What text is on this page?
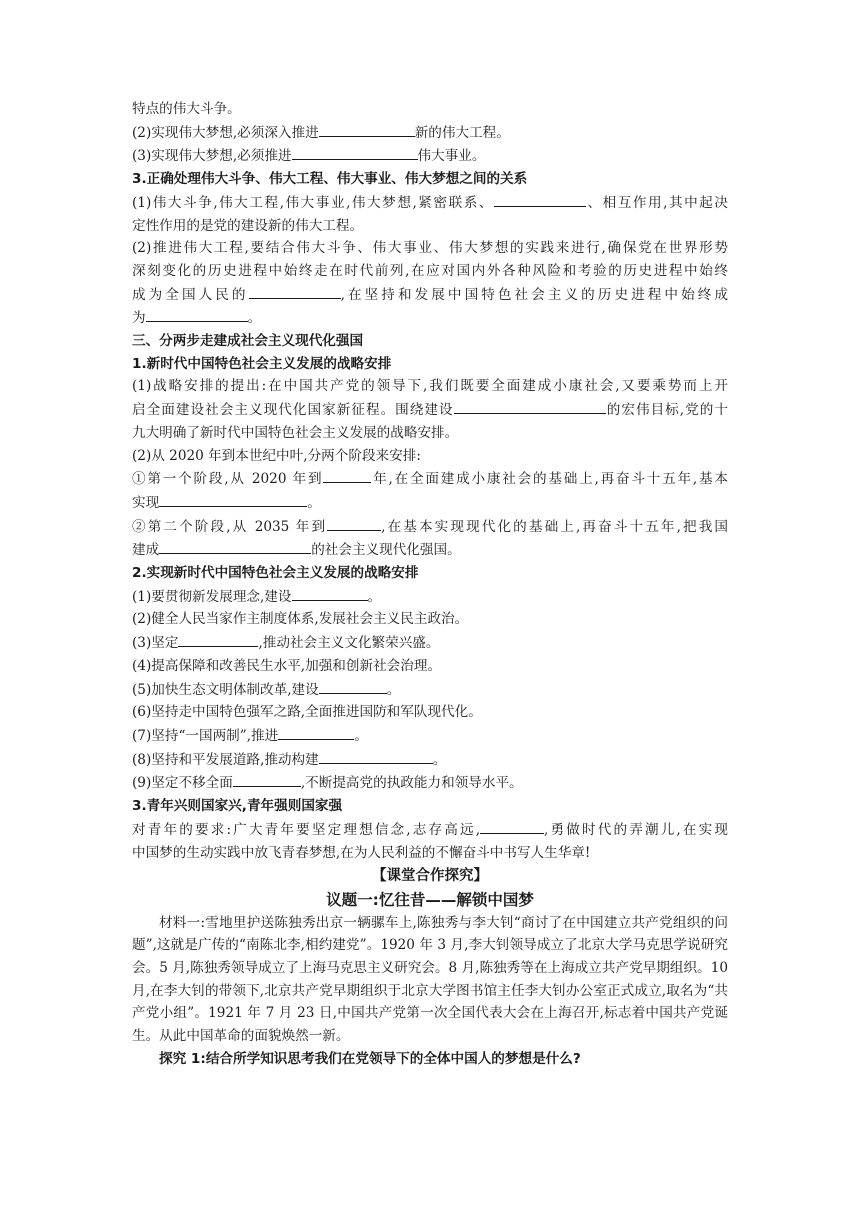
特点的伟大斗争。
(2)实现伟大梦想,必须深入推进	新的伟大工程。
(3)实现伟大梦想,必须推进	伟大事业。
3.正确处理伟大斗争、伟大工程、伟大事业、伟大梦想之间的关系
(1)伟大斗争,伟大工程,伟大事业,伟大梦想,紧密联系、	、相互作用,其中起决
定性作用的是党的建设新的伟大工程。
(2)推进伟大工程,要结合伟大斗争、伟大事业、伟大梦想的实践来进行,确保党在世界形势
深刻变化的历史进程中始终走在时代前列,在应对国内外各种风险和考验的历史进程中始终
成为全国人民的	,在坚持和发展中国特色社会主义的历史进程中始终成
为	。
三、分两步走建成社会主义现代化强国
1.新时代中国特色社会主义发展的战略安排
(1)战略安排的提出:在中国共产党的领导下,我们既要全面建成小康社会,又要乘势而上开
启全面建设社会主义现代化国家新征程。围绕建设	的宏伟目标,党的十
九大明确了新时代中国特色社会主义发展的战略安排。
(2)从 2020 年到本世纪中叶,分两个阶段来安排:
①第一个阶段,从 2020 年到	年,在全面建成小康社会的基础上,再奋斗十五年,基本
实现	。
②第二个阶段,从 2035 年到	,在基本实现现代化的基础上,再奋斗十五年,把我国
建成	的社会主义现代化强国。
2.实现新时代中国特色社会主义发展的战略安排
(1)要贯彻新发展理念,建设	。
(2)健全人民当家作主制度体系,发展社会主义民主政治。
(3)坚定	,推动社会主义文化繁荣兴盛。
(4)提高保障和改善民生水平,加强和创新社会治理。
(5)加快生态文明体制改革,建设	。
(6)坚持走中国特色强军之路,全面推进国防和军队现代化。
(7)坚持“一国两制”,推进	。
(8)坚持和平发展道路,推动构建	。
(9)坚定不移全面	,不断提高党的执政能力和领导水平。
3.青年兴则国家兴,青年强则国家强
对青年的要求:广大青年要坚定理想信念,志存高远,	,勇做时代的弄潮儿,在实现
中国梦的生动实践中放飞青春梦想,在为人民利益的不懈奋斗中书写人生华章!
【课堂合作探究】
议题一:忆往昔——解锁中国梦
材料一:雪地里护送陈独秀出京一辆骡车上,陈独秀与李大钊“商讨了在中国建立共产党组织的问题”,这就是广传的“南陈北李,相约建党”。1920 年 3 月,李大钊领导成立了北京大学马克思学说研究会。5 月,陈独秀领导成立了上海马克思主义研究会。8 月,陈独秀等在上海成立共产党早期组织。10 月,在李大钊的带领下,北京共产党早期组织于北京大学图书馆主任李大钊办公室正式成立,取名为“共产党小组”。1921 年 7 月 23 日,中国共产党第一次全国代表大会在上海召开,标志着中国共产党诞生。从此中国革命的面貌焕然一新。
探究 1:结合所学知识思考我们在党领导下的全体中国人的梦想是什么?
